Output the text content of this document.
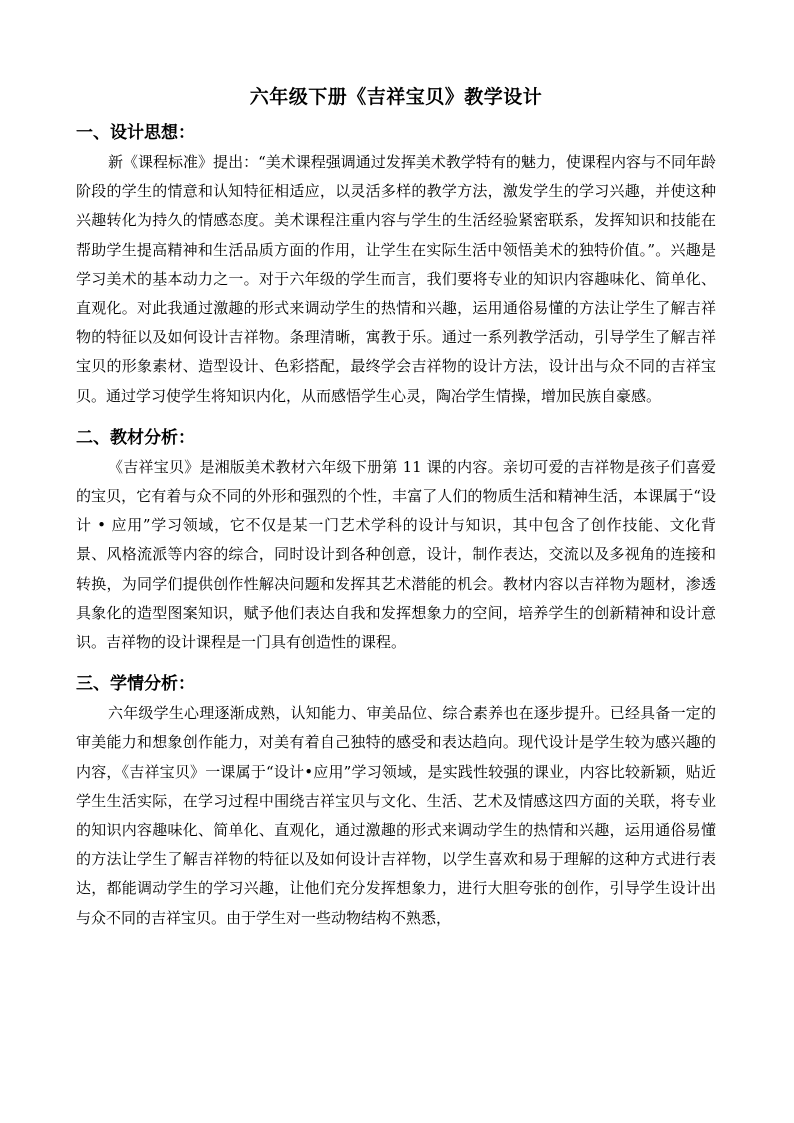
六年级下册《吉祥宝贝》教学设计
一、设计思想：

新《课程标准》提出：“美术课程强调通过发挥美术教学特有的魅力，使课程内容与不同年龄阶段的学生的情意和认知特征相适应，以灵活多样的教学方法，激发学生的学习兴趣，并使这种兴趣转化为持久的情感态度。美术课程注重内容与学生的生活经验紧密联系，发挥知识和技能在帮助学生提高精神和生活品质方面的作用，让学生在实际生活中领悟美术的独特价值。”。兴趣是学习美术的基本动力之一。对于六年级的学生而言，我们要将专业的知识内容趣味化、简单化、直观化。对此我通过激趣的形式来调动学生的热情和兴趣，运用通俗易懂的方法让学生了解吉祥物的特征以及如何设计吉祥物。条理清晰，寓教于乐。通过一系列教学活动，引导学生了解吉祥宝贝的形象素材、造型设计、色彩搭配，最终学会吉祥物的设计方法，设计出与众不同的吉祥宝贝。通过学习使学生将知识内化，从而感悟学生心灵，陶冶学生情操，增加民族自豪感。

二、教材分析：

《吉祥宝贝》是湘版美术教材六年级下册第 11 课的内容。亲切可爱的吉祥物是孩子们喜爱的宝贝，它有着与众不同的外形和强烈的个性，丰富了人们的物质生活和精神生活，本课属于“设计 • 应用”学习领域，它不仅是某一门艺术学科的设计与知识，其中包含了创作技能、文化背景、风格流派等内容的综合，同时设计到各种创意，设计，制作表达，交流以及多视角的连接和转换，为同学们提供创作性解决问题和发挥其艺术潜能的机会。教材内容以吉祥物为题材，渗透具象化的造型图案知识，赋予他们表达自我和发挥想象力的空间，培养学生的创新精神和设计意识。吉祥物的设计课程是一门具有创造性的课程。

三、学情分析：

六年级学生心理逐渐成熟，认知能力、审美品位、综合素养也在逐步提升。已经具备一定的审美能力和想象创作能力，对美有着自己独特的感受和表达趋向。现代设计是学生较为感兴趣的内容，《吉祥宝贝》一课属于“设计•应用”学习领域，是实践性较强的课业，内容比较新颖，贴近学生生活实际，在学习过程中围绕吉祥宝贝与文化、生活、艺术及情感这四方面的关联，将专业的知识内容趣味化、简单化、直观化，通过激趣的形式来调动学生的热情和兴趣，运用通俗易懂的方法让学生了解吉祥物的特征以及如何设计吉祥物，以学生喜欢和易于理解的这种方式进行表达，都能调动学生的学习兴趣，让他们充分发挥想象力，进行大胆夸张的创作，引导学生设计出与众不同的吉祥宝贝。由于学生对一些动物结构不熟悉，
